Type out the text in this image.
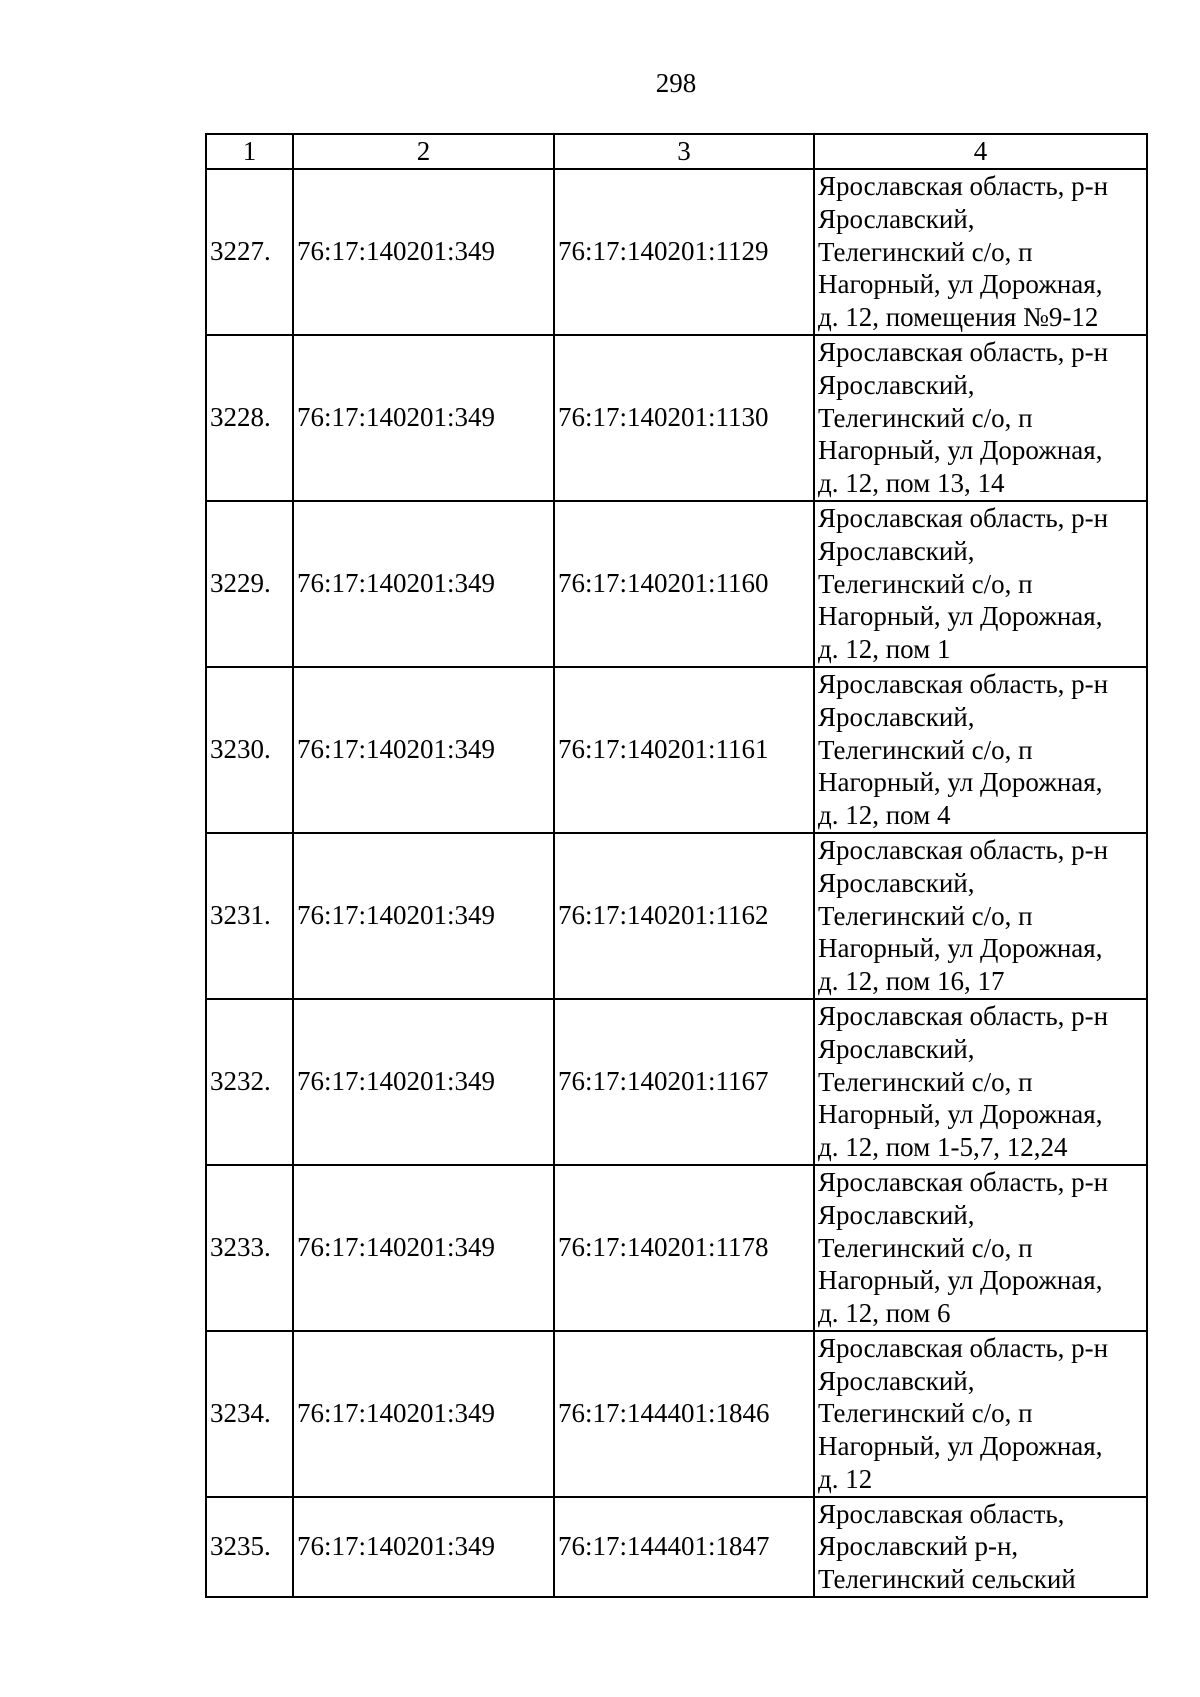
298
1	2	3	4
3227.	76:17:140201:349	76:17:140201:1129	Ярославская область, р-н
Ярославский,
Телегинский с/о, п
Нагорный, ул Дорожная,
д. 12, помещения №9-12
3228.	76:17:140201:349	76:17:140201:1130	Ярославская область, р-н
Ярославский,
Телегинский с/о, п
Нагорный, ул Дорожная,
д. 12, пом 13, 14
3229.	76:17:140201:349	76:17:140201:1160	Ярославская область, р-н
Ярославский,
Телегинский с/о, п
Нагорный, ул Дорожная,
д. 12, пом 1
3230.	76:17:140201:349	76:17:140201:1161	Ярославская область, р-н
Ярославский,
Телегинский с/о, п
Нагорный, ул Дорожная,
д. 12, пом 4
3231.	76:17:140201:349	76:17:140201:1162	Ярославская область, р-н
Ярославский,
Телегинский с/о, п
Нагорный, ул Дорожная,
д. 12, пом 16, 17
3232.	76:17:140201:349	76:17:140201:1167	Ярославская область, р-н
Ярославский,
Телегинский с/о, п
Нагорный, ул Дорожная,
д. 12, пом 1-5,7, 12,24
3233.	76:17:140201:349	76:17:140201:1178	Ярославская область, р-н
Ярославский,
Телегинский с/о, п
Нагорный, ул Дорожная,
д. 12, пом 6
3234.	76:17:140201:349	76:17:144401:1846	Ярославская область, р-н
Ярославский,
Телегинский с/о, п
Нагорный, ул Дорожная,
д. 12
3235.	76:17:140201:349	76:17:144401:1847	Ярославская область,
Ярославский р-н,
Телегинский сельский
